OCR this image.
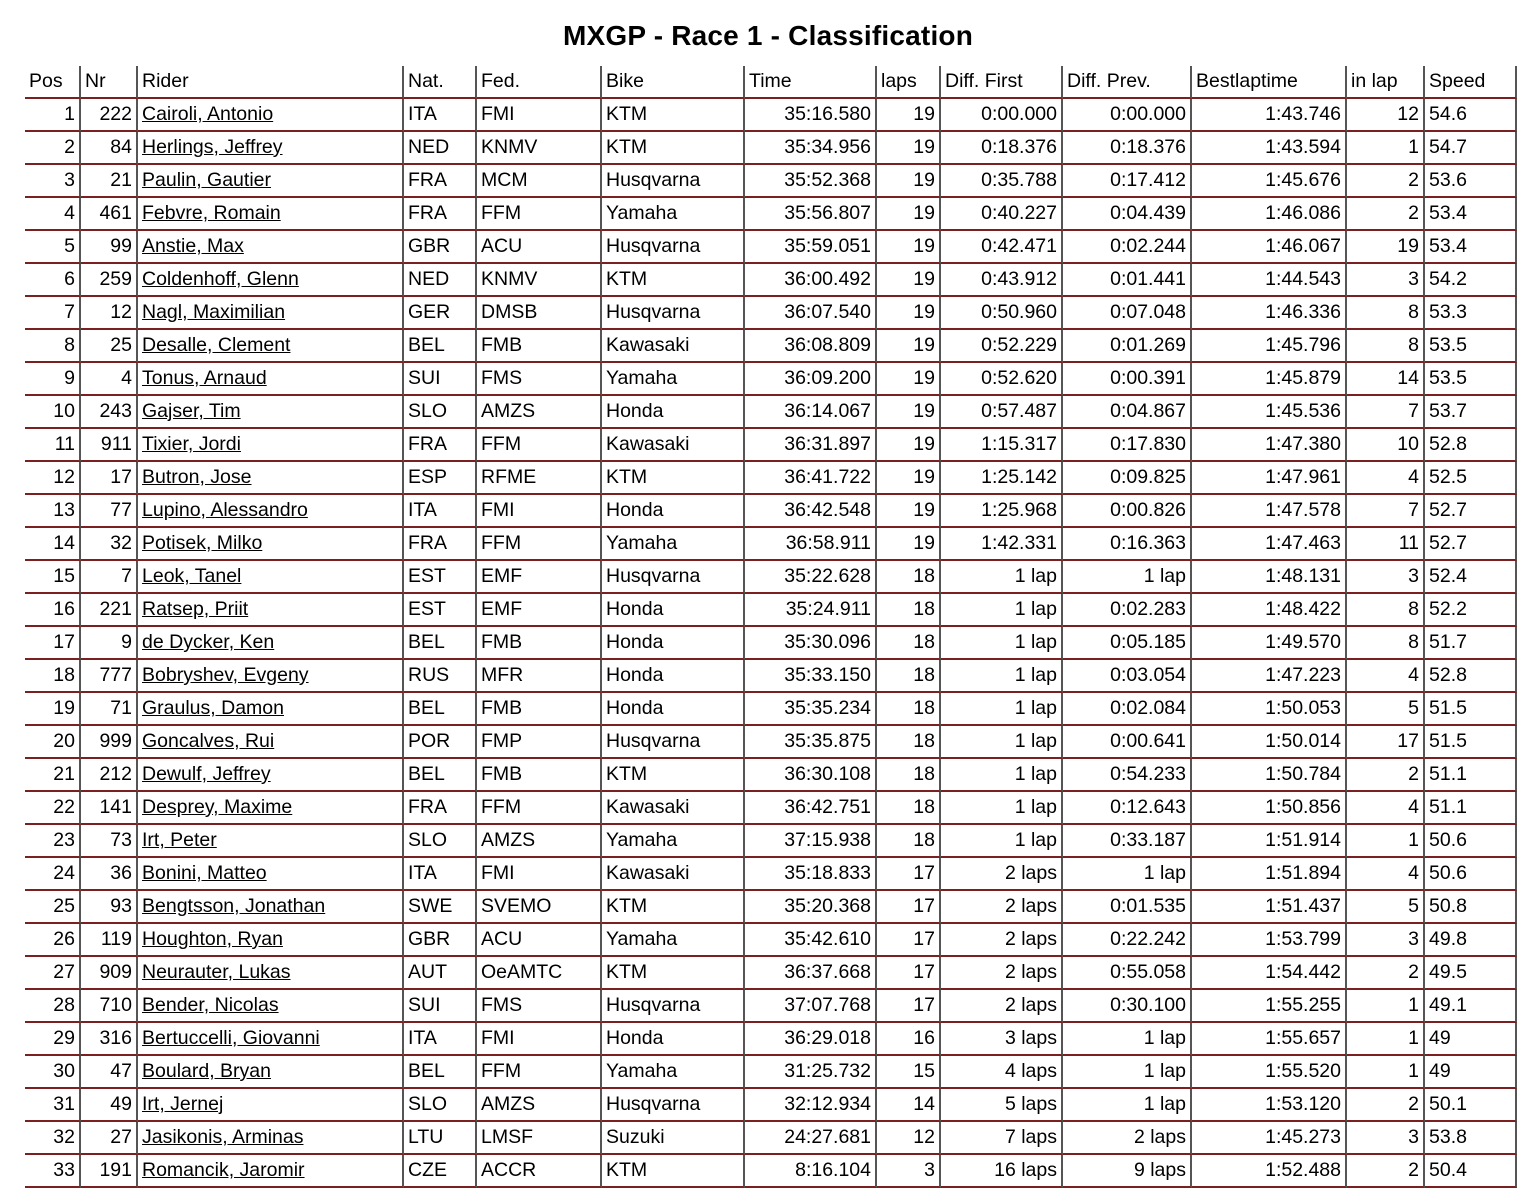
MXGP - Race 1 - Classification
Pos	Nr	Rider	Nat.	Fed.	Bike	Time	laps	Diff. First	Diff. Prev.	Bestlaptime	in lap	Speed
1	222	Cairoli, Antonio	ITA	FMI	KTM	35:16.580	19	0:00.000	0:00.000	1:43.746	12	54.6
2	84	Herlings, Jeffrey	NED	KNMV	KTM	35:34.956	19	0:18.376	0:18.376	1:43.594	1	54.7
3	21	Paulin, Gautier	FRA	MCM	Husqvarna	35:52.368	19	0:35.788	0:17.412	1:45.676	2	53.6
4	461	Febvre, Romain	FRA	FFM	Yamaha	35:56.807	19	0:40.227	0:04.439	1:46.086	2	53.4
5	99	Anstie, Max	GBR	ACU	Husqvarna	35:59.051	19	0:42.471	0:02.244	1:46.067	19	53.4
6	259	Coldenhoff, Glenn	NED	KNMV	KTM	36:00.492	19	0:43.912	0:01.441	1:44.543	3	54.2
7	12	Nagl, Maximilian	GER	DMSB	Husqvarna	36:07.540	19	0:50.960	0:07.048	1:46.336	8	53.3
8	25	Desalle, Clement	BEL	FMB	Kawasaki	36:08.809	19	0:52.229	0:01.269	1:45.796	8	53.5
9	4	Tonus, Arnaud	SUI	FMS	Yamaha	36:09.200	19	0:52.620	0:00.391	1:45.879	14	53.5
10	243	Gajser, Tim	SLO	AMZS	Honda	36:14.067	19	0:57.487	0:04.867	1:45.536	7	53.7
11	911	Tixier, Jordi	FRA	FFM	Kawasaki	36:31.897	19	1:15.317	0:17.830	1:47.380	10	52.8
12	17	Butron, Jose	ESP	RFME	KTM	36:41.722	19	1:25.142	0:09.825	1:47.961	4	52.5
13	77	Lupino, Alessandro	ITA	FMI	Honda	36:42.548	19	1:25.968	0:00.826	1:47.578	7	52.7
14	32	Potisek, Milko	FRA	FFM	Yamaha	36:58.911	19	1:42.331	0:16.363	1:47.463	11	52.7
15	7	Leok, Tanel	EST	EMF	Husqvarna	35:22.628	18	1 lap	1 lap	1:48.131	3	52.4
16	221	Ratsep, Priit	EST	EMF	Honda	35:24.911	18	1 lap	0:02.283	1:48.422	8	52.2
17	9	de Dycker, Ken	BEL	FMB	Honda	35:30.096	18	1 lap	0:05.185	1:49.570	8	51.7
18	777	Bobryshev, Evgeny	RUS	MFR	Honda	35:33.150	18	1 lap	0:03.054	1:47.223	4	52.8
19	71	Graulus, Damon	BEL	FMB	Honda	35:35.234	18	1 lap	0:02.084	1:50.053	5	51.5
20	999	Goncalves, Rui	POR	FMP	Husqvarna	35:35.875	18	1 lap	0:00.641	1:50.014	17	51.5
21	212	Dewulf, Jeffrey	BEL	FMB	KTM	36:30.108	18	1 lap	0:54.233	1:50.784	2	51.1
22	141	Desprey, Maxime	FRA	FFM	Kawasaki	36:42.751	18	1 lap	0:12.643	1:50.856	4	51.1
23	73	Irt, Peter	SLO	AMZS	Yamaha	37:15.938	18	1 lap	0:33.187	1:51.914	1	50.6
24	36	Bonini, Matteo	ITA	FMI	Kawasaki	35:18.833	17	2 laps	1 lap	1:51.894	4	50.6
25	93	Bengtsson, Jonathan	SWE	SVEMO	KTM	35:20.368	17	2 laps	0:01.535	1:51.437	5	50.8
26	119	Houghton, Ryan	GBR	ACU	Yamaha	35:42.610	17	2 laps	0:22.242	1:53.799	3	49.8
27	909	Neurauter, Lukas	AUT	OeAMTC	KTM	36:37.668	17	2 laps	0:55.058	1:54.442	2	49.5
28	710	Bender, Nicolas	SUI	FMS	Husqvarna	37:07.768	17	2 laps	0:30.100	1:55.255	1	49.1
29	316	Bertuccelli, Giovanni	ITA	FMI	Honda	36:29.018	16	3 laps	1 lap	1:55.657	1	49
30	47	Boulard, Bryan	BEL	FFM	Yamaha	31:25.732	15	4 laps	1 lap	1:55.520	1	49
31	49	Irt, Jernej	SLO	AMZS	Husqvarna	32:12.934	14	5 laps	1 lap	1:53.120	2	50.1
32	27	Jasikonis, Arminas	LTU	LMSF	Suzuki	24:27.681	12	7 laps	2 laps	1:45.273	3	53.8
33	191	Romancik, Jaromir	CZE	ACCR	KTM	8:16.104	3	16 laps	9 laps	1:52.488	2	50.4
